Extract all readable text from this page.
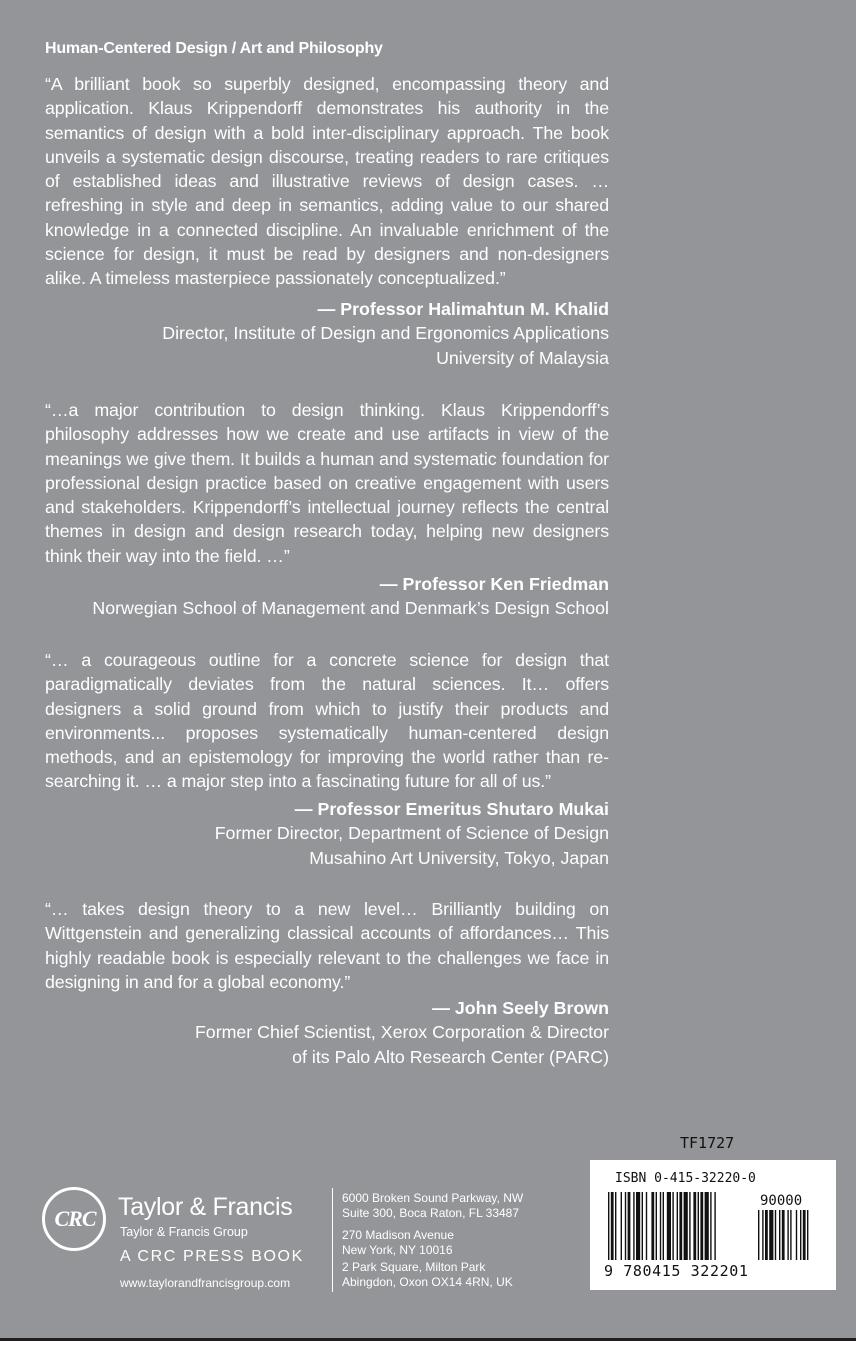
Human-Centered Design / Art and Philosophy
“A brilliant book so superbly designed, encompassing theory and application. Klaus Krippendorff demonstrates his authority in the semantics of design with a bold inter-disciplinary approach. The book unveils a systematic design discourse, treating readers to rare critiques of established ideas and illustrative reviews of design cases. … refreshing in style and deep in semantics, adding value to our shared knowledge in a connected discipline. An invaluable enrichment of the science for design, it must be read by designers and non-designers alike. A timeless masterpiece passionately conceptualized.”
— Professor Halimahtun M. Khalid
Director, Institute of Design and Ergonomics Applications
University of Malaysia
“…a major contribution to design thinking. Klaus Krippendorff’s philosophy addresses how we create and use artifacts in view of the meanings we give them. It builds a human and systematic foundation for professional design practice based on creative engagement with users and stakeholders. Krippendorff’s intellectual journey reflects the central themes in design and design research today, helping new designers think their way into the field. …”
— Professor Ken Friedman
Norwegian School of Management and Denmark’s Design School
“… a courageous outline for a concrete science for design that paradigmatically deviates from the natural sciences. It… offers designers a solid ground from which to justify their products and environments... proposes systematically human-centered design methods, and an epistemology for improving the world rather than re-searching it. … a major step into a fascinating future for all of us.”
— Professor Emeritus Shutaro Mukai
Former Director, Department of Science of Design
Musahino Art University, Tokyo, Japan
“… takes design theory to a new level… Brilliantly building on Wittgenstein and generalizing classical accounts of affordances… This highly readable book is especially relevant to the challenges we face in designing in and for a global economy.”
— John Seely Brown
Former Chief Scientist, Xerox Corporation & Director
of its Palo Alto Research Center (PARC)
TF1727
CRC Taylor & Francis
Taylor & Francis Group
A CRC PRESS BOOK
www.taylorandfrancisgroup.com
6000 Broken Sound Parkway, NW
Suite 300, Boca Raton, FL 33487
270 Madison Avenue
New York, NY 10016
2 Park Square, Milton Park
Abingdon, Oxon OX14 4RN, UK
ISBN 0-415-32220-0
90000
9 780415 322201
